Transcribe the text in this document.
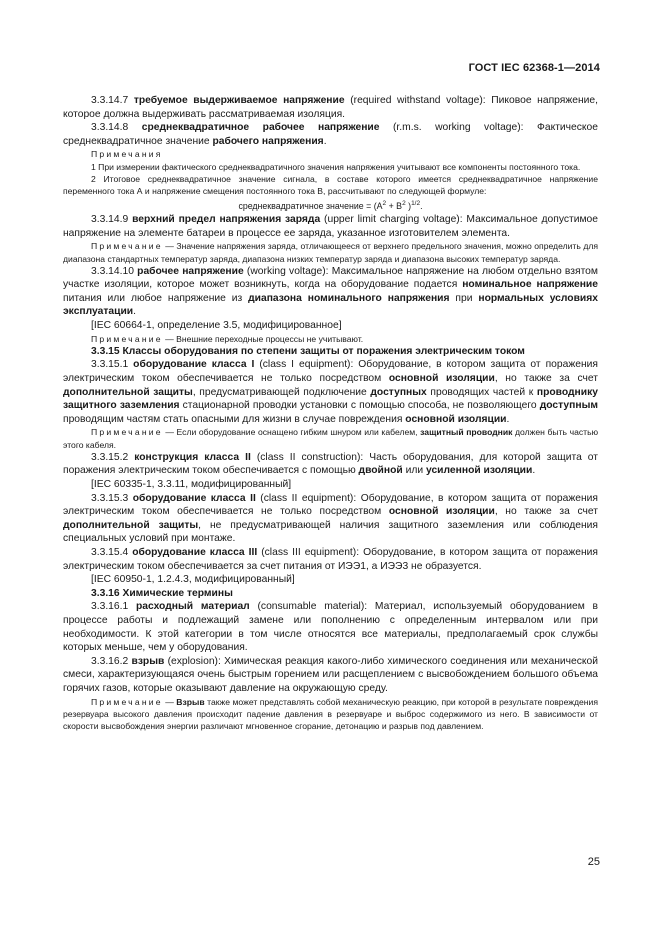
ГОСТ IEC 62368-1—2014

3.3.14.7 требуемое выдерживаемое напряжение (required withstand voltage): Пиковое напряжение, которое должна выдерживать рассматриваемая изоляция.

3.3.14.8 среднеквадратичное рабочее напряжение (r.m.s. working voltage): Фактическое среднеквадратичное значение рабочего напряжения.

Примечания

1 При измерении фактического среднеквадратичного значения напряжения учитывают все компоненты постоянного тока.

2 Итоговое среднеквадратичное значение сигнала, в составе которого имеется среднеквадратичное напряжение переменного тока А и напряжение смещения постоянного тока В, рассчитывают по следующей формуле:

среднеквадратичное значение = ($А^2 + В^2$ )$^{1/2}$.

3.3.14.9 верхний предел напряжения заряда (upper limit charging voltage): Максимальное допустимое напряжение на элементе батареи в процессе ее заряда, указанное изготовителем элемента.

Примечание — Значение напряжения заряда, отличающееся от верхнего предельного значения, можно определить для диапазона стандартных температур заряда, диапазона низких температур заряда и диапазона высоких температур заряда.

3.3.14.10 рабочее напряжение (working voltage): Максимальное напряжение на любом отдельно взятом участке изоляции, которое может возникнуть, когда на оборудование подается номинальное напряжение питания или любое напряжение из диапазона номинального напряжения при нормальных условиях эксплуатации.

[IEC 60664-1, определение 3.5, модифицированное]

Примечание — Внешние переходные процессы не учитывают.

3.3.15 Классы оборудования по степени защиты от поражения электрическим током

3.3.15.1 оборудование класса I (class I equipment): Оборудование, в котором защита от поражения электрическим током обеспечивается не только посредством основной изоляции, но также за счет дополнительной защиты, предусматривающей подключение доступных проводящих частей к проводнику защитного заземления стационарной проводки установки с помощью способа, не позволяющего доступным проводящим частям стать опасными для жизни в случае повреждения основной изоляции.

Примечание — Если оборудование оснащено гибким шнуром или кабелем, защитный проводник должен быть частью этого кабеля.

3.3.15.2 конструкция класса II (class II construction): Часть оборудования, для которой защита от поражения электрическим током обеспечивается с помощью двойной или усиленной изоляции.

[IEC 60335-1, 3.3.11, модифицированный]

3.3.15.3 оборудование класса II (class II equipment): Оборудование, в котором защита от поражения электрическим током обеспечивается не только посредством основной изоляции, но также за счет дополнительной защиты, не предусматривающей наличия защитного заземления или соблюдения специальных условий при монтаже.

3.3.15.4 оборудование класса III (class III equipment): Оборудование, в котором защита от поражения электрическим током обеспечивается за счет питания от ИЭЭ1, а ИЭЭ3 не образуется.

[IEC 60950-1, 1.2.4.3, модифицированный]

3.3.16 Химические термины

3.3.16.1 расходный материал (consumable material): Материал, используемый оборудованием в процессе работы и подлежащий замене или пополнению с определенным интервалом или при необходимости. К этой категории в том числе относятся все материалы, предполагаемый срок службы которых меньше, чем у оборудования.

3.3.16.2 взрыв (explosion): Химическая реакция какого-либо химического соединения или механической смеси, характеризующаяся очень быстрым горением или расщеплением с высвобождением большого объема горячих газов, которые оказывают давление на окружающую среду.

Примечание — Взрыв также может представлять собой механическую реакцию, при которой в результате повреждения резервуара высокого давления происходит падение давления в резервуаре и выброс содержимого из него. В зависимости от скорости высвобождения энергии различают мгновенное сгорание, детонацию и разрыв под давлением.

25
